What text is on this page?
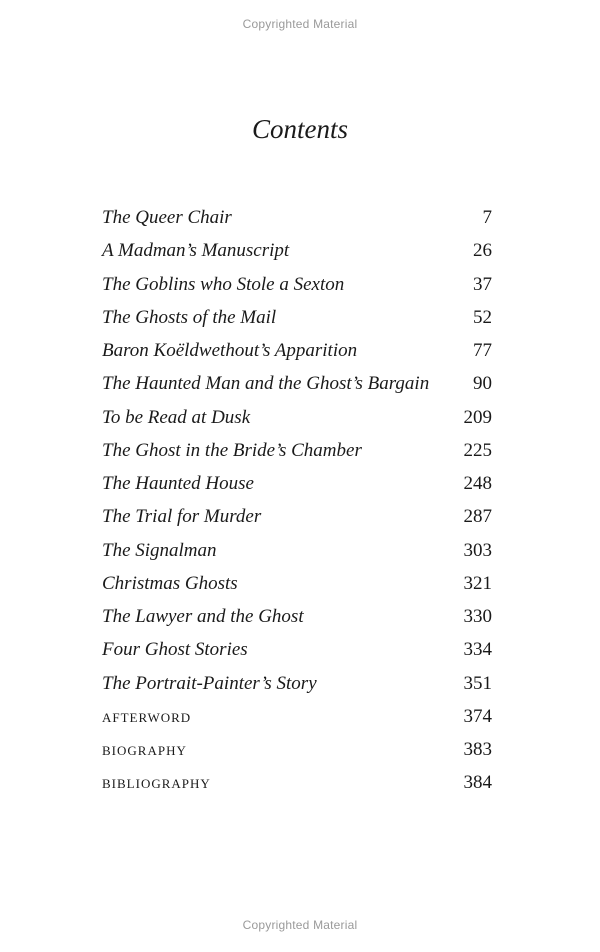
Copyrighted Material
Contents
The Queer Chair	7
A Madman’s Manuscript	26
The Goblins who Stole a Sexton	37
The Ghosts of the Mail	52
Baron Koëldwethout’s Apparition	77
The Haunted Man and the Ghost’s Bargain	90
To be Read at Dusk	209
The Ghost in the Bride’s Chamber	225
The Haunted House	248
The Trial for Murder	287
The Signalman	303
Christmas Ghosts	321
The Lawyer and the Ghost	330
Four Ghost Stories	334
The Portrait-Painter’s Story	351
afterword	374
biography	383
bibliography	384
Copyrighted Material
